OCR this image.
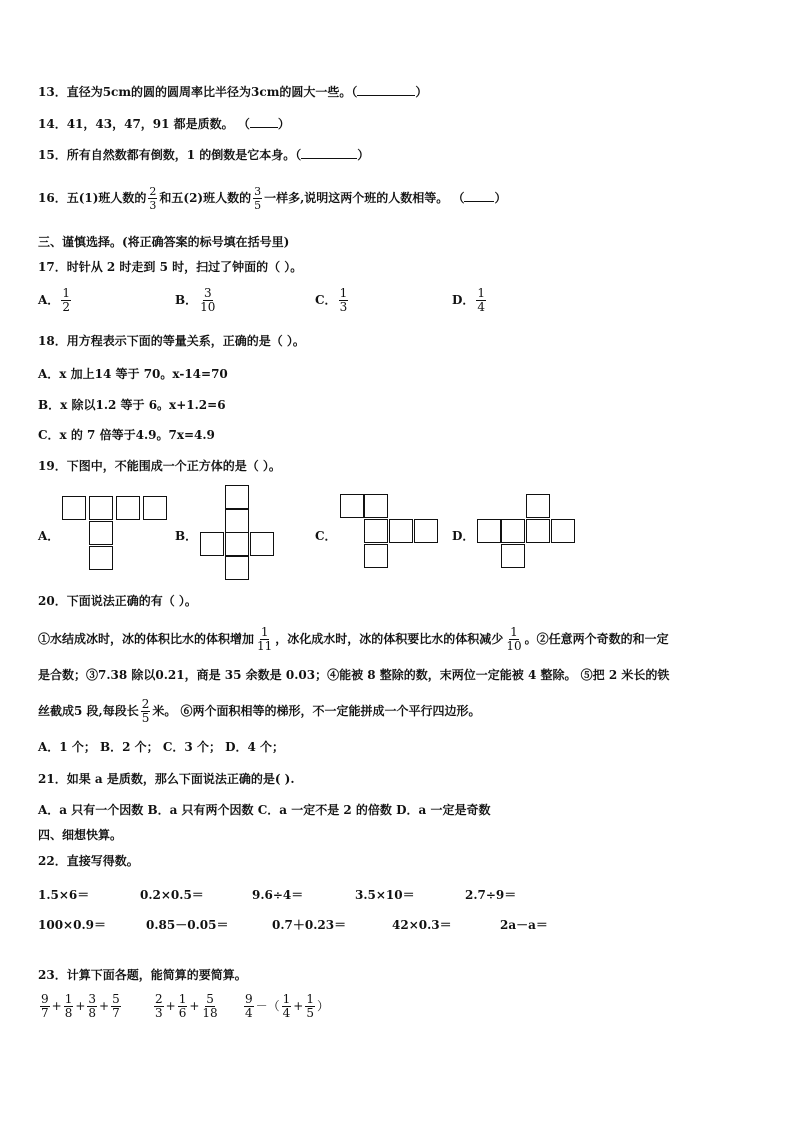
13．直径为5cm的圆的圆周率比半径为3cm的圆大一些。（	）
14．41，43，47，91 都是质数。 （ ）
15．所有自然数都有倒数，1 的倒数是它本身。（	）
16．五(1)班人数的 $\frac{2}{3}$ 和五(2)班人数的 $\frac{3}{5}$ 一样多,说明这两个班的人数相等。 （	）
三、谨慎选择。(将正确答案的标号填在括号里)
17．时针从 2 时走到 5 时，扫过了钟面的（ ）。
A． $\frac{1}{2}$	B． $\frac{3}{10}$	C． $\frac{1}{3}$	D． $\frac{1}{4}$
18．用方程表示下面的等量关系，正确的是（ ）。
A．x 加上14 等于 70。x-14=70
B．x 除以1.2 等于 6。x+1.2=6
C．x 的 7 倍等于4.9。7x=4.9
19．下图中，不能围成一个正方体的是（ ）。
A．	B．	C．	D．
20．下面说法正确的有（ ）。
①水结成冰时，冰的体积比水的体积增加 $\frac{1}{11}$ ，冰化成水时，冰的体积要比水的体积减少 $\frac{1}{10}$ 。②任意两个奇数的和一定
是合数；③7.38 除以0.21，商是 35 余数是 0.03；④能被 8 整除的数，末两位一定能被 4 整除。 ⑤把 2 米长的铁
丝截成5 段,每段长 $\frac{2}{5}$ 米。 ⑥两个面积相等的梯形，不一定能拼成一个平行四边形。
A．1 个； B．2 个； C．3 个； D．4 个；
21．如果 a 是质数，那么下面说法正确的是( ).
A．a 只有一个因数 B．a 只有两个因数 C．a 一定不是 2 的倍数 D．a 一定是奇数
四、细想快算。
22．直接写得数。
1.5×6＝	0.2×0.5＝	9.6÷4＝	3.5×10＝	2.7÷9＝
100×0.9＝	0.85－0.05＝	0.7＋0.23＝	42×0.3＝	2a－a＝
23．计算下面各题，能简算的要简算。
$\frac{9}{7} + \frac{1}{8} + \frac{3}{8} + \frac{5}{7}$	$\frac{2}{3} + \frac{1}{6} + \frac{5}{18} \frac{9}{4}$ －（ $\frac{1}{4} + \frac{1}{5}$ ）
